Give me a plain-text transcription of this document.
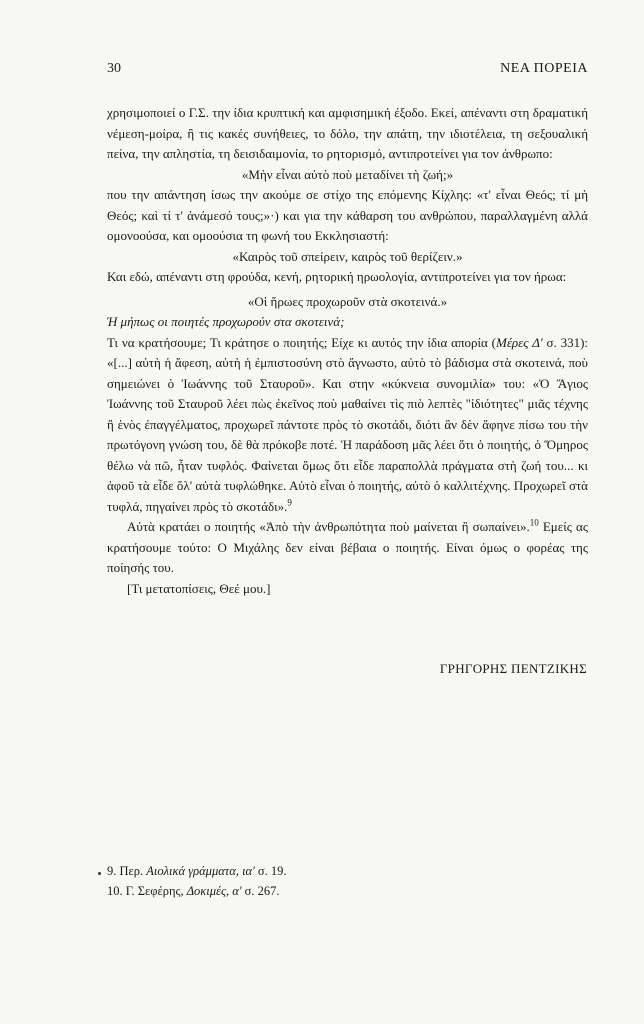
30	ΝΕΑ ΠΟΡΕΙΑ

χρησιμοποιεί ο Γ.Σ. την ίδια κρυπτική και αμφισημική έξοδο. Εκεί, απέναντι στη δραματική νέμεση-μοίρα, ἢ τις κακές συνήθειες, το δόλο, την απάτη, την ιδιοτέλεια, τη σεξουαλική πείνα, την απληστία, τη δεισιδαιμονία, το ρητορισμό, αντιπροτείνει για τον άνθρωπο:

«Μὴν εἶναι αὐτὸ ποὺ μεταδίνει τὴ ζωή;»

που την απάντηση ίσως την ακούμε σε στίχο της επόμενης Κίχλης: «τ' εἶναι Θεός; τί μὴ Θεός; καὶ τί τ' ἀνάμεσό τους;»·) και για την κάθαρση του ανθρώπου, παραλλαγμένη αλλά ομονοούσα, και ομοούσια τη φωνή του Εκκλησιαστή:

«Καιρὸς τοῦ σπείρειν, καιρὸς τοῦ θερίζειν.»

Και εδώ, απέναντι στη φρούδα, κενή, ρητορική ηρωολογία, αντιπροτείνει για τον ήρωα:

«Οἱ ἥρωες προχωροῦν στὰ σκοτεινά.»

Ή μήπως οι ποιητές προχωρούν στα σκοτεινά;

Τι να κρατήσουμε; Τι κράτησε ο ποιητής; Είχε κι αυτός την ίδια απορία (Μέρες Δ' σ. 331): «[...] αὐτὴ ἡ ἄφεση, αὐτὴ ἡ ἐμπιστοσύνη στὸ ἄγνωστο, αὐτὸ τὸ βάδισμα στὰ σκοτεινά, ποὺ σημειώνει ὁ Ἰωάννης τοῦ Σταυροῦ». Και στην «κύκνεια συνομιλία» του: «Ὁ Ἅγιος Ἰωάννης τοῦ Σταυροῦ λέει πὼς ἐκεῖνος ποὺ μαθαίνει τὶς πιὸ λεπτὲς "ἰδιότητες" μιᾶς τέχνης ἢ ἑνὸς ἐπαγγέλματος, προχωρεῖ πάντοτε πρὸς τὸ σκοτάδι, διότι ἂν δὲν ἄφηνε πίσω του τὴν πρωτόγονη γνώση του, δὲ θὰ πρόκοβε ποτέ. Ἡ παράδοση μᾶς λέει ὅτι ὁ ποιητής, ὁ Ὅμηρος θέλω νὰ πῶ, ἦταν τυφλός. Φαίνεται ὅμως ὅτι εἶδε παραπολλὰ πράγματα στὴ ζωή του... κι ἀφοῦ τὰ εἶδε ὅλ' αὐτὰ τυφλώθηκε. Αὐτὸ εἶναι ὁ ποιητής, αὐτὸ ὁ καλλιτέχνης. Προχωρεῖ στὰ τυφλά, πηγαίνει πρὸς τὸ σκοτάδι».$^9$

Αὐτὰ κρατάει ο ποιητής «Ἀπὸ τὴν ἀνθρωπότητα ποὺ μαίνεται ἢ σωπαίνει».$^{10}$ Εμείς ας κρατήσουμε τούτο: Ο Μιχάλης δεν είναι βέβαια ο ποιητής. Είναι όμως ο φορέας της ποίησής του.

[Τι μετατοπίσεις, Θεέ μου.]

ΓΡΗΓΟΡΗΣ ΠΕΝΤΖΙΚΗΣ

9. Περ. Αιολικά γράμματα, ια' σ. 19.

10. Γ. Σεφέρης, Δοκιμές, α' σ. 267.
